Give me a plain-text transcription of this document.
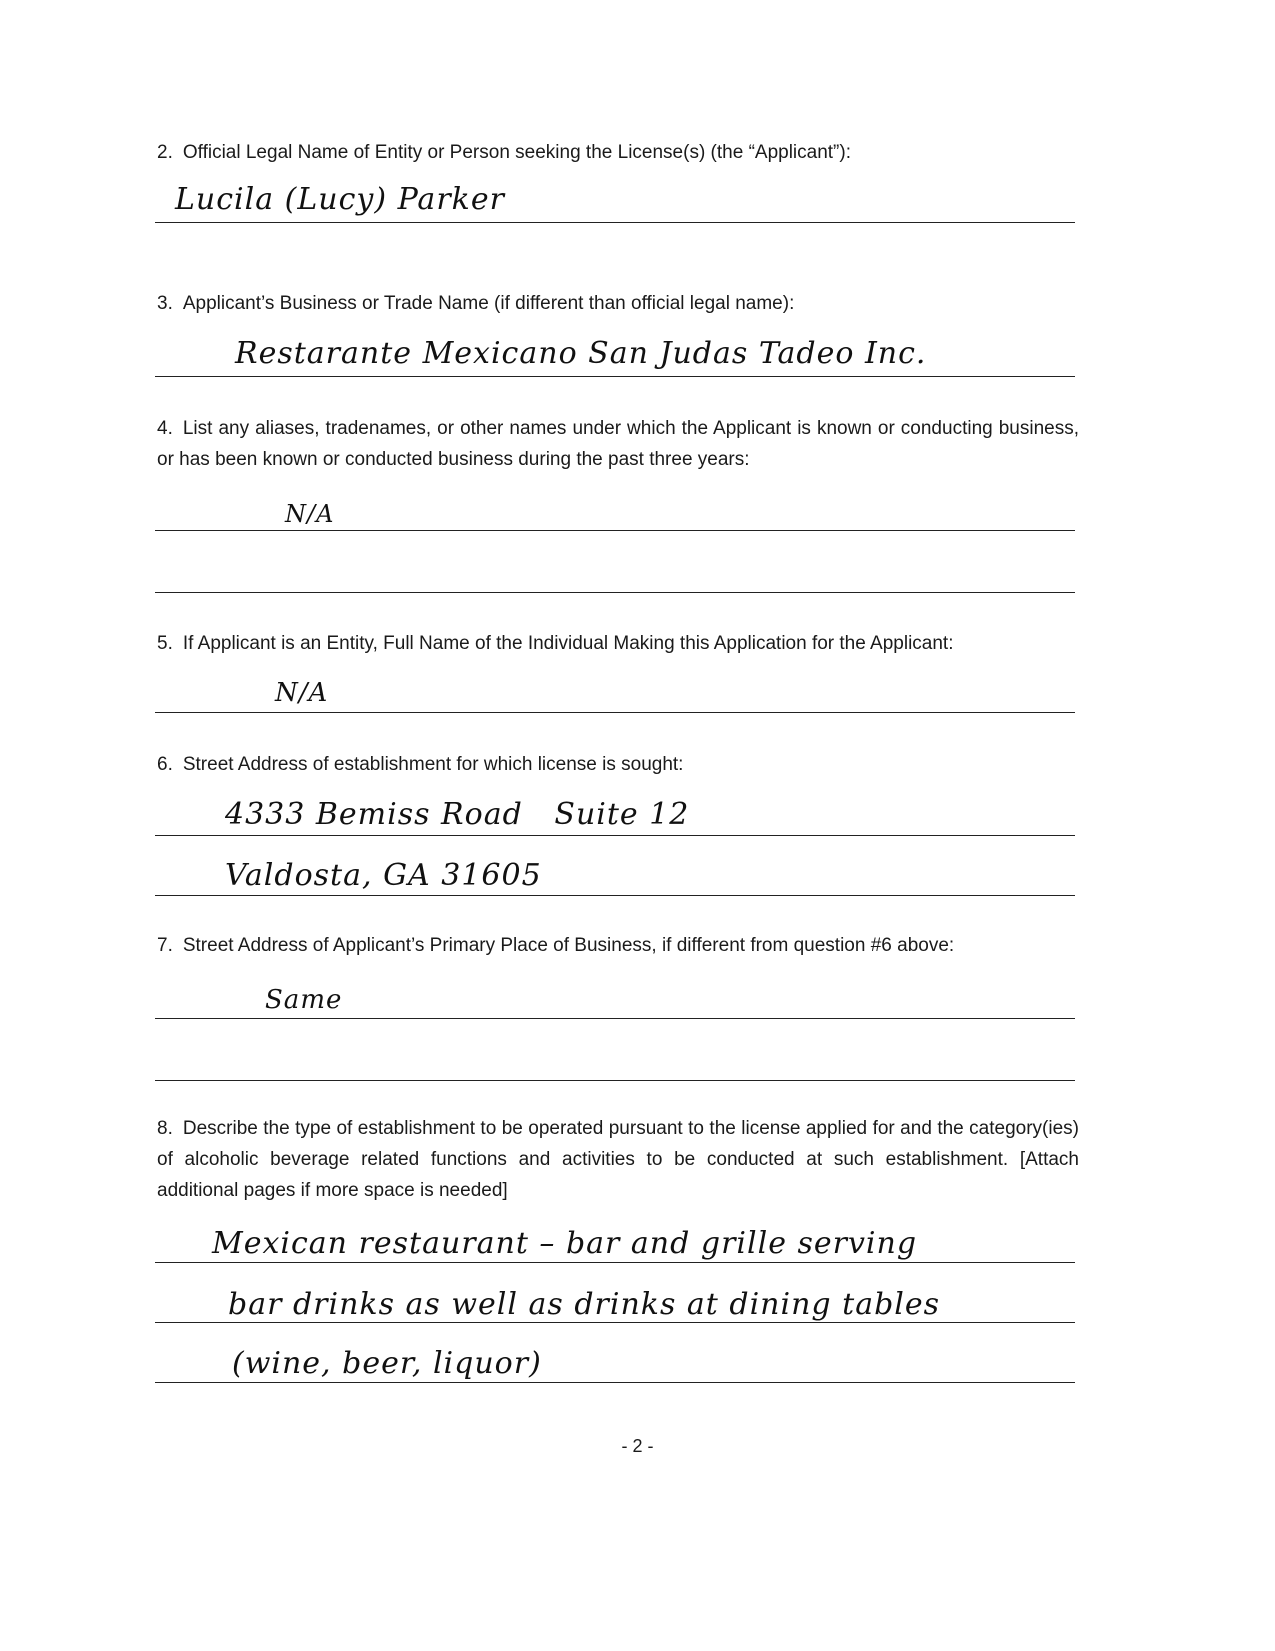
2. Official Legal Name of Entity or Person seeking the License(s) (the “Applicant”):
Lucila (Lucy) Parker
3. Applicant’s Business or Trade Name (if different than official legal name):
Restarante Mexicano San Judas Tadeo Inc.
4. List any aliases, tradenames, or other names under which the Applicant is known or conducting business, or has been known or conducted business during the past three years:
N/A
5. If Applicant is an Entity, Full Name of the Individual Making this Application for the Applicant:
N/A
6. Street Address of establishment for which license is sought:
4333 Bemiss Road   Suite 12
Valdosta, GA 31605
7. Street Address of Applicant’s Primary Place of Business, if different from question #6 above:
Same
8. Describe the type of establishment to be operated pursuant to the license applied for and the category(ies) of alcoholic beverage related functions and activities to be conducted at such establishment. [Attach additional pages if more space is needed]
Mexican restaurant – bar and grille serving
bar drinks as well as drinks at dining tables
(wine, beer, liquor)
- 2 -
